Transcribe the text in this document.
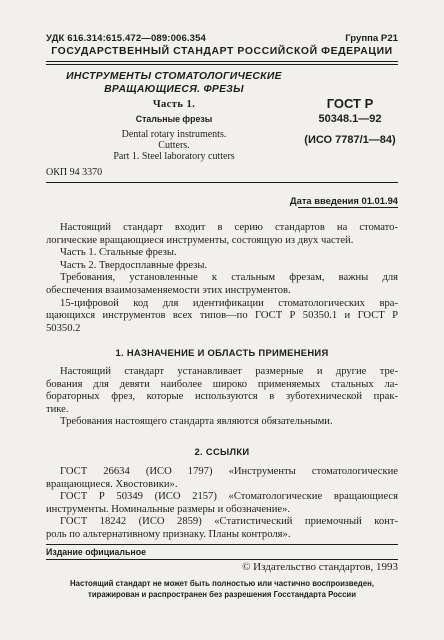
УДК 616.314:615.472—089:006.354	Группа Р21
ГОСУДАРСТВЕННЫЙ СТАНДАРТ РОССИЙСКОЙ ФЕДЕРАЦИИ
ИНСТРУМЕНТЫ СТОМАТОЛОГИЧЕСКИЕ
ВРАЩАЮЩИЕСЯ. ФРЕЗЫ
Часть 1.
Стальные фрезы
Dental rotary instruments.
Cutters.
Part 1. Steel laboratory cutters
ОКП 94 3370
ГОСТ Р
50348.1—92
(ИСО 7787/1—84)
Дата введения 01.01.94

Настоящий стандарт входит в серию стандартов на стомато-

логические вращающиеся инструменты, состоящую из двух частей.

Часть 1. Стальные фрезы.

Часть 2. Твердосплавные фрезы.

Требования, установленные к стальным фрезам, важны для

обеспечения взаимозаменяемости этих инструментов.

15-цифровой код для идентификации стоматологических вра-

щающихся инструментов всех типов—по ГОСТ Р 50350.1 и ГОСТ Р

50350.2

1. НАЗНАЧЕНИЕ И ОБЛАСТЬ ПРИМЕНЕНИЯ

Настоящий стандарт устанавливает размерные и другие тре-

бования для девяти наиболее широко применяемых стальных ла-

бораторных фрез, которые используются в зуботехнической прак-

тике.

Требования настоящего стандарта являются обязательными.

2. ССЫЛКИ

ГОСТ 26634 (ИСО 1797) «Инструменты стоматологические

вращающиеся. Хвостовики».

ГОСТ Р 50349 (ИСО 2157) «Стоматологические вращающиеся

инструменты. Номинальные размеры и обозначение».

ГОСТ 18242 (ИСО 2859) «Статистический приемочный конт-

роль по альтернативному признаку. Планы контроля».

Издание официальное
© Издательство стандартов, 1993
Настоящий стандарт не может быть полностью или частично воспроизведен,
тиражирован и распространен без разрешения Госстандарта России
